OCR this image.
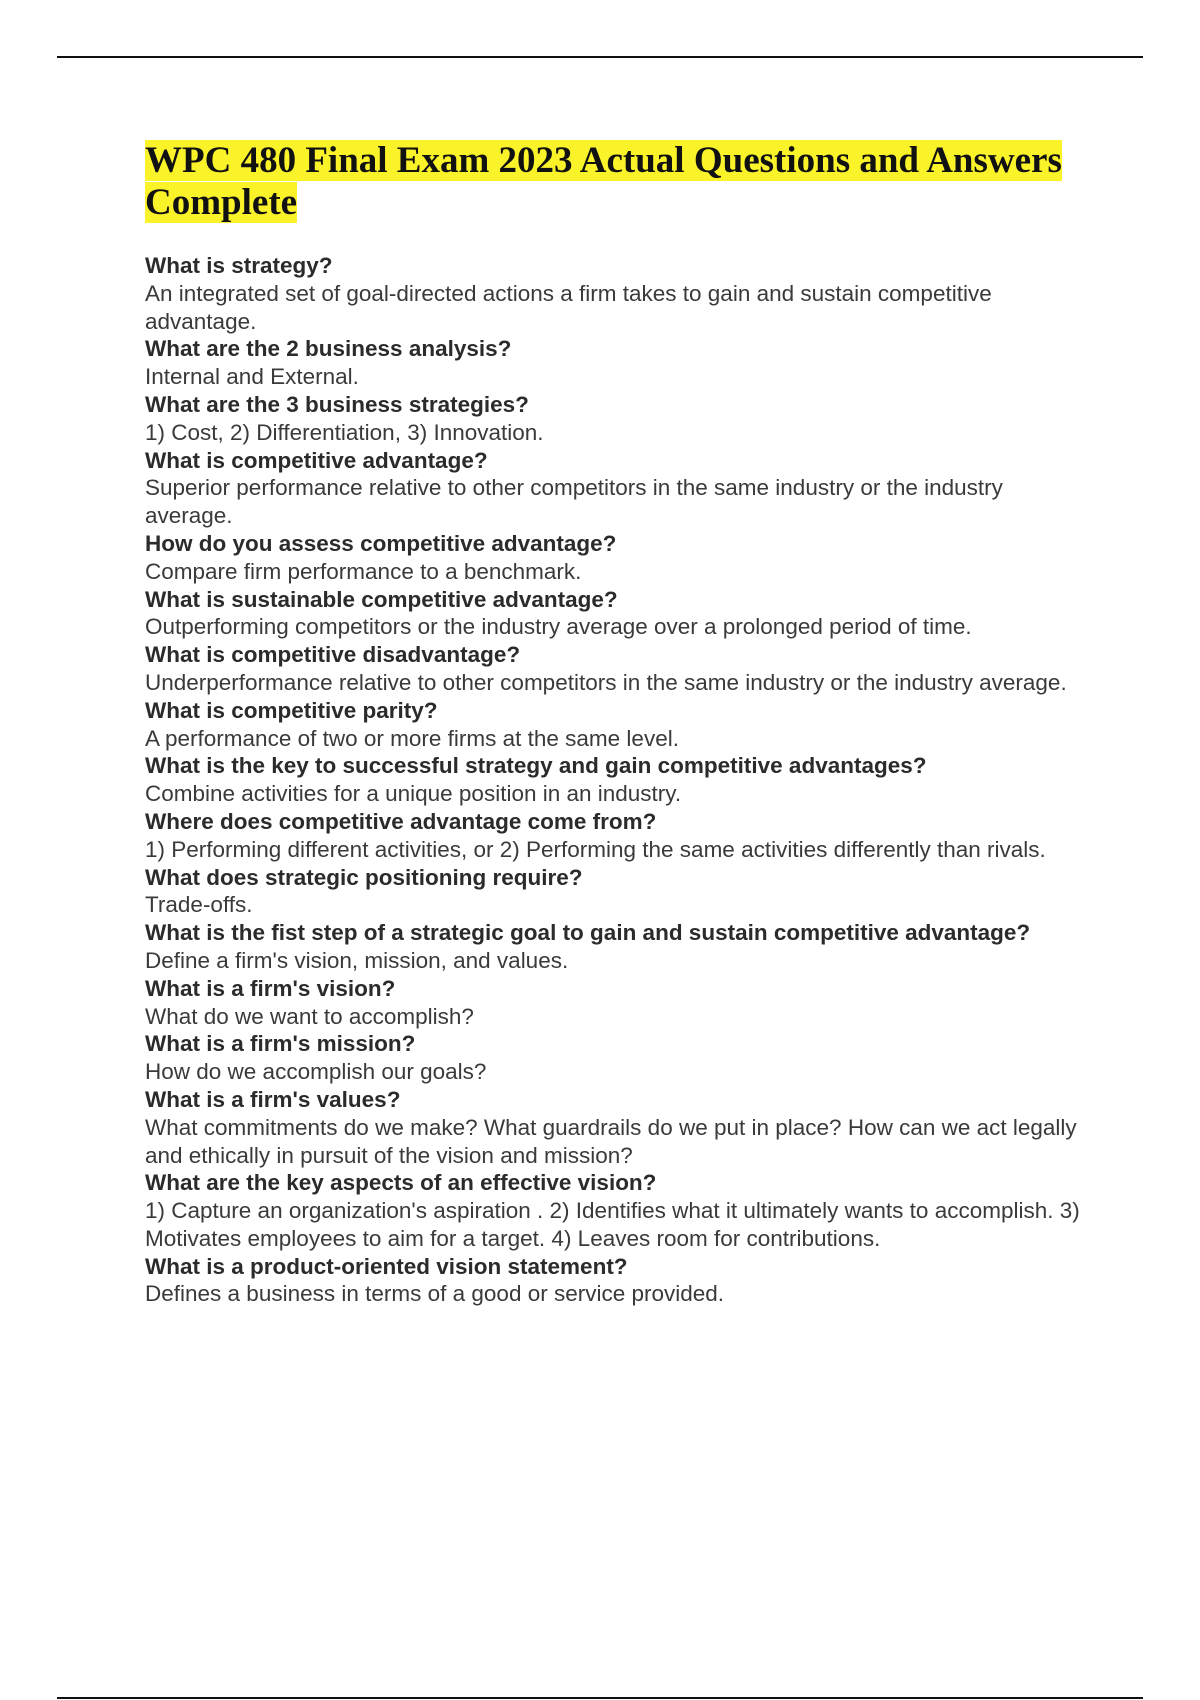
WPC 480 Final Exam 2023 Actual Questions and Answers Complete
What is strategy?
An integrated set of goal-directed actions a firm takes to gain and sustain competitive advantage.
What are the 2 business analysis?
Internal and External.
What are the 3 business strategies?
1) Cost, 2) Differentiation, 3) Innovation.
What is competitive advantage?
Superior performance relative to other competitors in the same industry or the industry average.
How do you assess competitive advantage?
Compare firm performance to a benchmark.
What is sustainable competitive advantage?
Outperforming competitors or the industry average over a prolonged period of time.
What is competitive disadvantage?
Underperformance relative to other competitors in the same industry or the industry average.
What is competitive parity?
A performance of two or more firms at the same level.
What is the key to successful strategy and gain competitive advantages?
Combine activities for a unique position in an industry.
Where does competitive advantage come from?
1) Performing different activities, or 2) Performing the same activities differently than rivals.
What does strategic positioning require?
Trade-offs.
What is the fist step of a strategic goal to gain and sustain competitive advantage?
Define a firm's vision, mission, and values.
What is a firm's vision?
What do we want to accomplish?
What is a firm's mission?
How do we accomplish our goals?
What is a firm's values?
What commitments do we make? What guardrails do we put in place? How can we act legally and ethically in pursuit of the vision and mission?
What are the key aspects of an effective vision?
1) Capture an organization's aspiration . 2) Identifies what it ultimately wants to accomplish. 3) Motivates employees to aim for a target. 4) Leaves room for contributions.
What is a product-oriented vision statement?
Defines a business in terms of a good or service provided.
